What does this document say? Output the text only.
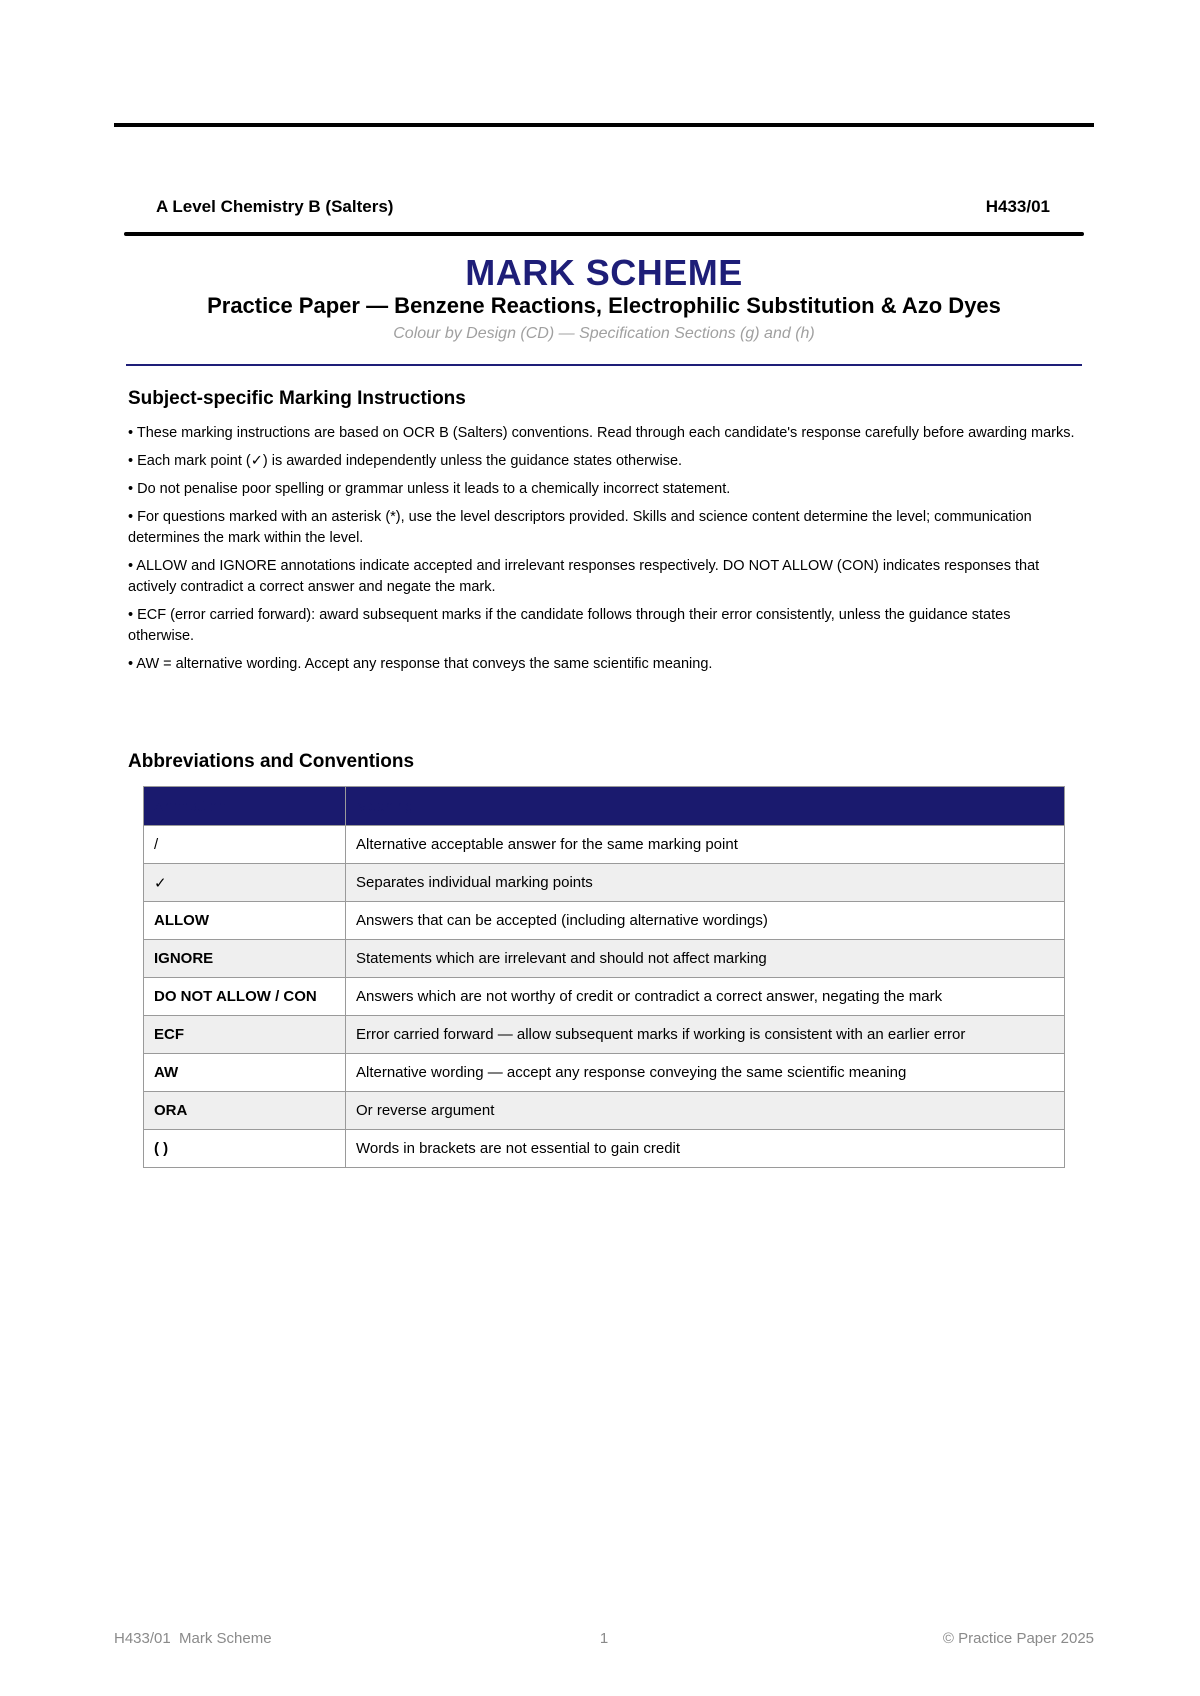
A Level Chemistry B (Salters)	H433/01
MARK SCHEME
Practice Paper — Benzene Reactions, Electrophilic Substitution & Azo Dyes
Colour by Design (CD) — Specification Sections (g) and (h)
Subject-specific Marking Instructions
• These marking instructions are based on OCR B (Salters) conventions. Read through each candidate's response carefully before awarding marks.
• Each mark point (✓) is awarded independently unless the guidance states otherwise.
• Do not penalise poor spelling or grammar unless it leads to a chemically incorrect statement.
• For questions marked with an asterisk (*), use the level descriptors provided. Skills and science content determine the level; communication determines the mark within the level.
• ALLOW and IGNORE annotations indicate accepted and irrelevant responses respectively. DO NOT ALLOW (CON) indicates responses that actively contradict a correct answer and negate the mark.
• ECF (error carried forward): award subsequent marks if the candidate follows through their error consistently, unless the guidance states otherwise.
• AW = alternative wording. Accept any response that conveys the same scientific meaning.
Abbreviations and Conventions
Annotation	Meaning
/	Alternative acceptable answer for the same marking point
✓	Separates individual marking points
ALLOW	Answers that can be accepted (including alternative wordings)
IGNORE	Statements which are irrelevant and should not affect marking
DO NOT ALLOW / CON	Answers which are not worthy of credit or contradict a correct answer, negating the mark
ECF	Error carried forward — allow subsequent marks if working is consistent with an earlier error
AW	Alternative wording — accept any response conveying the same scientific meaning
ORA	Or reverse argument
( )	Words in brackets are not essential to gain credit
H433/01  Mark Scheme	1	© Practice Paper 2025
